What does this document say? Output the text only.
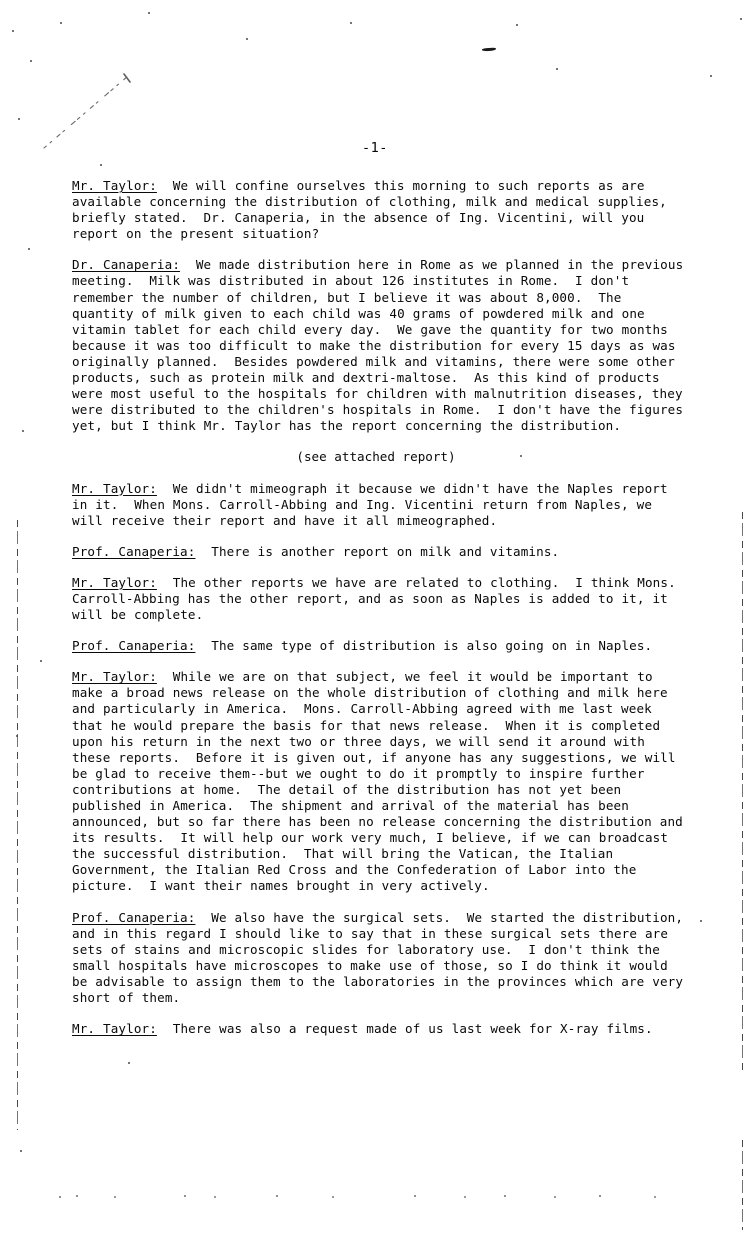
-1-

Mr. Taylor:  We will confine ourselves this morning to such reports as are available concerning the distribution of clothing, milk and medical supplies, briefly stated.  Dr. Canaperia, in the absence of Ing. Vicentini, will you report on the present situation?

Dr. Canaperia:  We made distribution here in Rome as we planned in the previous meeting.  Milk was distributed in about 126 institutes in Rome.  I don't remember the number of children, but I believe it was about 8,000.  The quantity of milk given to each child was 40 grams of powdered milk and one vitamin tablet for each child every day.  We gave the quantity for two months because it was too difficult to make the distribution for every 15 days as was originally planned.  Besides powdered milk and vitamins, there were some other products, such as protein milk and dextri-maltose.  As this kind of products were most useful to the hospitals for children with malnutrition diseases, they were distributed to the children's hospitals in Rome.  I don't have the figures yet, but I think Mr. Taylor has the report concerning the distribution.

(see attached report)

Mr. Taylor:  We didn't mimeograph it because we didn't have the Naples report in it.  When Mons. Carroll-Abbing and Ing. Vicentini return from Naples, we will receive their report and have it all mimeographed.

Prof. Canaperia:  There is another report on milk and vitamins.

Mr. Taylor:  The other reports we have are related to clothing.  I think Mons. Carroll-Abbing has the other report, and as soon as Naples is added to it, it will be complete.

Prof. Canaperia:  The same type of distribution is also going on in Naples.

Mr. Taylor:  While we are on that subject, we feel it would be important to make a broad news release on the whole distribution of clothing and milk here and particularly in America.  Mons. Carroll-Abbing agreed with me last week that he would prepare the basis for that news release.  When it is completed upon his return in the next two or three days, we will send it around with these reports.  Before it is given out, if anyone has any suggestions, we will be glad to receive them--but we ought to do it promptly to inspire further contributions at home.  The detail of the distribution has not yet been published in America.  The shipment and arrival of the material has been announced, but so far there has been no release concerning the distribution and its results.  It will help our work very much, I believe, if we can broadcast the successful distribution.  That will bring the Vatican, the Italian Government, the Italian Red Cross and the Confederation of Labor into the picture.  I want their names brought in very actively.

Prof. Canaperia:  We also have the surgical sets.  We started the distribution, and in this regard I should like to say that in these surgical sets there are sets of stains and microscopic slides for laboratory use.  I don't think the small hospitals have microscopes to make use of those, so I do think it would be advisable to assign them to the laboratories in the provinces which are very short of them.

Mr. Taylor:  There was also a request made of us last week for X-ray films.
